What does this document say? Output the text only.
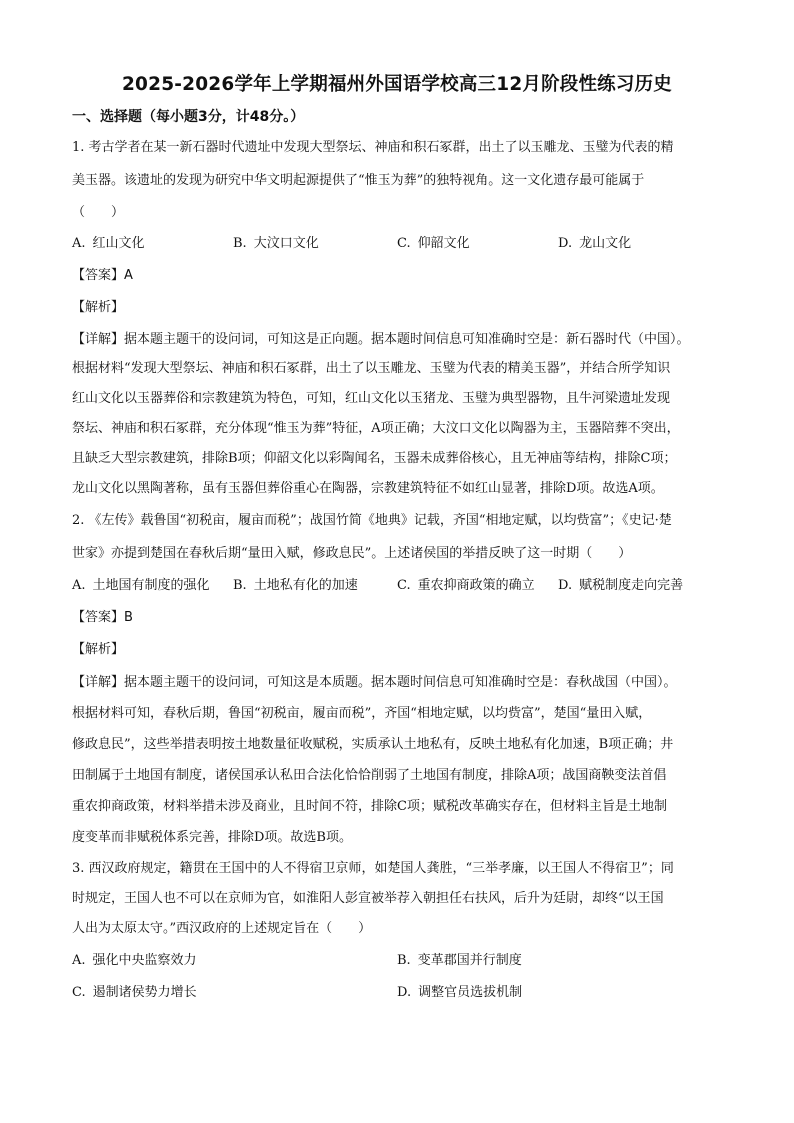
2025-2026学年上学期福州外国语学校高三12月阶段性练习历史
一、选择题（每小题3分，计48分。）
1. 考古学者在某一新石器时代遗址中发现大型祭坛、神庙和积石冢群，出土了以玉雕龙、玉璧为代表的精
美玉器。该遗址的发现为研究中华文明起源提供了“惟玉为葬”的独特视角。这一文化遗存最可能属于
（　　）
A. 红山文化	B. 大汶口文化	C. 仰韶文化	D. 龙山文化
【答案】A
【解析】
【详解】据本题主题干的设问词，可知这是正向题。据本题时间信息可知准确时空是：新石器时代（中国）。
根据材料“发现大型祭坛、神庙和积石冢群，出土了以玉雕龙、玉璧为代表的精美玉器”，并结合所学知识
红山文化以玉器葬俗和宗教建筑为特色，可知，红山文化以玉猪龙、玉璧为典型器物，且牛河梁遗址发现
祭坛、神庙和积石冢群，充分体现“惟玉为葬”特征，A项正确；大汶口文化以陶器为主，玉器陪葬不突出，
且缺乏大型宗教建筑，排除B项；仰韶文化以彩陶闻名，玉器未成葬俗核心，且无神庙等结构，排除C项；
龙山文化以黑陶著称，虽有玉器但葬俗重心在陶器，宗教建筑特征不如红山显著，排除D项。故选A项。
2. 《左传》载鲁国“初税亩，履亩而税”；战国竹简《地典》记载，齐国“相地定赋，以均赀富”；《史记·楚
世家》亦提到楚国在春秋后期“量田入赋，修政息民”。上述诸侯国的举措反映了这一时期（　　）
A. 土地国有制度的强化 B. 土地私有化的加速	C. 重农抑商政策的确立 D. 赋税制度走向完善
【答案】B
【解析】
【详解】据本题主题干的设问词，可知这是本质题。据本题时间信息可知准确时空是：春秋战国（中国）。
根据材料可知，春秋后期，鲁国“初税亩，履亩而税”，齐国“相地定赋，以均赀富”，楚国“量田入赋，
修政息民”，这些举措表明按土地数量征收赋税，实质承认土地私有，反映土地私有化加速，B项正确；井
田制属于土地国有制度，诸侯国承认私田合法化恰恰削弱了土地国有制度，排除A项；战国商鞅变法首倡
重农抑商政策，材料举措未涉及商业，且时间不符，排除C项；赋税改革确实存在，但材料主旨是土地制
度变革而非赋税体系完善，排除D项。故选B项。
3. 西汉政府规定，籍贯在王国中的人不得宿卫京师，如楚国人龚胜，“三举孝廉，以王国人不得宿卫”；同
时规定，王国人也不可以在京师为官，如淮阳人彭宣被举荐入朝担任右扶风，后升为廷尉，却终“以王国
人出为太原太守。”西汉政府的上述规定旨在（　　）
A. 强化中央监察效力	B. 变革郡国并行制度
C. 遏制诸侯势力增长	D. 调整官员选拔机制
